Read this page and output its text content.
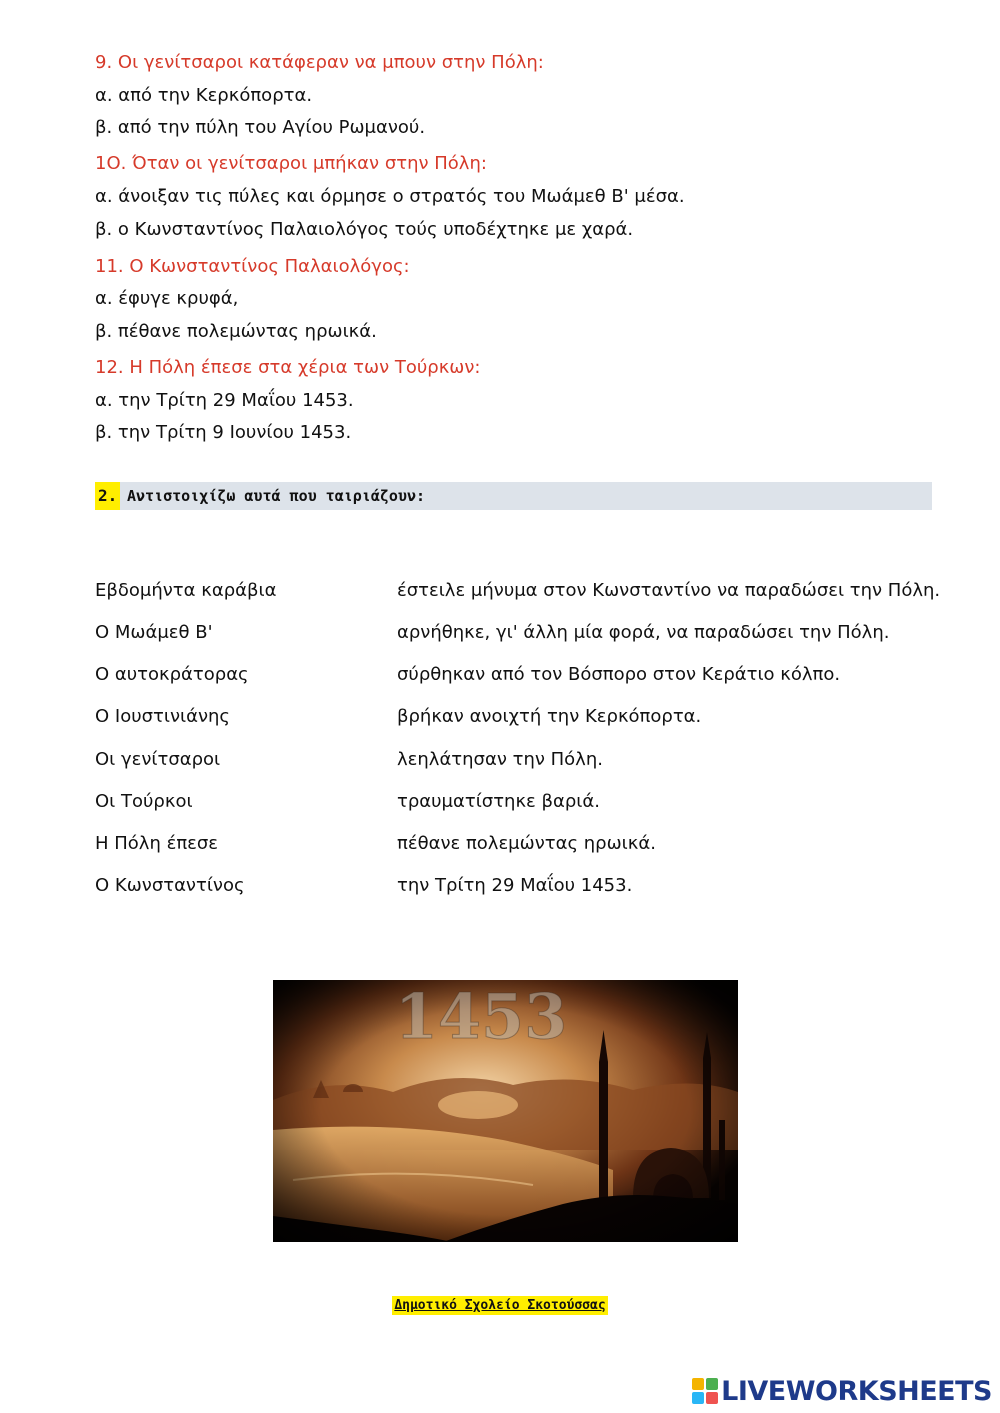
9. Οι γενίτσαροι κατάφεραν να μπουν στην Πόλη:
α. από την Κερκόπορτα.
β. από την πύλη του Αγίου Ρωμανού.
1Ο. Όταν οι γενίτσαροι μπήκαν στην Πόλη:
α. άνοιξαν τις πύλες και όρμησε ο στρατός του Μωάμεθ Β' μέσα.
β. ο Κωνσταντίνος Παλαιολόγος τούς υποδέχτηκε με χαρά.
11. Ο Κωνσταντίνος Παλαιολόγος:
α. έφυγε κρυφά,
β. πέθανε πολεμώντας ηρωικά.
12. Η Πόλη έπεσε στα χέρια των Τούρκων:
α. την Τρίτη 29 Μαΐου 1453.
β. την Τρίτη 9 Ιουνίου 1453.
2. Αντιστοιχίζω αυτά που ταιριάζουν:
Εβδομήντα καράβια	έστειλε μήνυμα στον Κωνσταντίνο να παραδώσει την Πόλη.
Ο Μωάμεθ Β'	αρνήθηκε, γι' άλλη μία φορά, να παραδώσει την Πόλη.
Ο αυτοκράτορας	σύρθηκαν από τον Βόσπορο στον Κεράτιο κόλπο.
Ο Ιουστινιάνης	βρήκαν ανοιχτή την Κερκόπορτα.
Οι γενίτσαροι	λεηλάτησαν την Πόλη.
Οι Τούρκοι	τραυματίστηκε βαριά.
Η Πόλη έπεσε	πέθανε πολεμώντας ηρωικά.
Ο Κωνσταντίνος	την Τρίτη 29 Μαΐου 1453.
1453
Δημοτικό Σχολείο Σκοτούσσας
LIVEWORKSHEETS
